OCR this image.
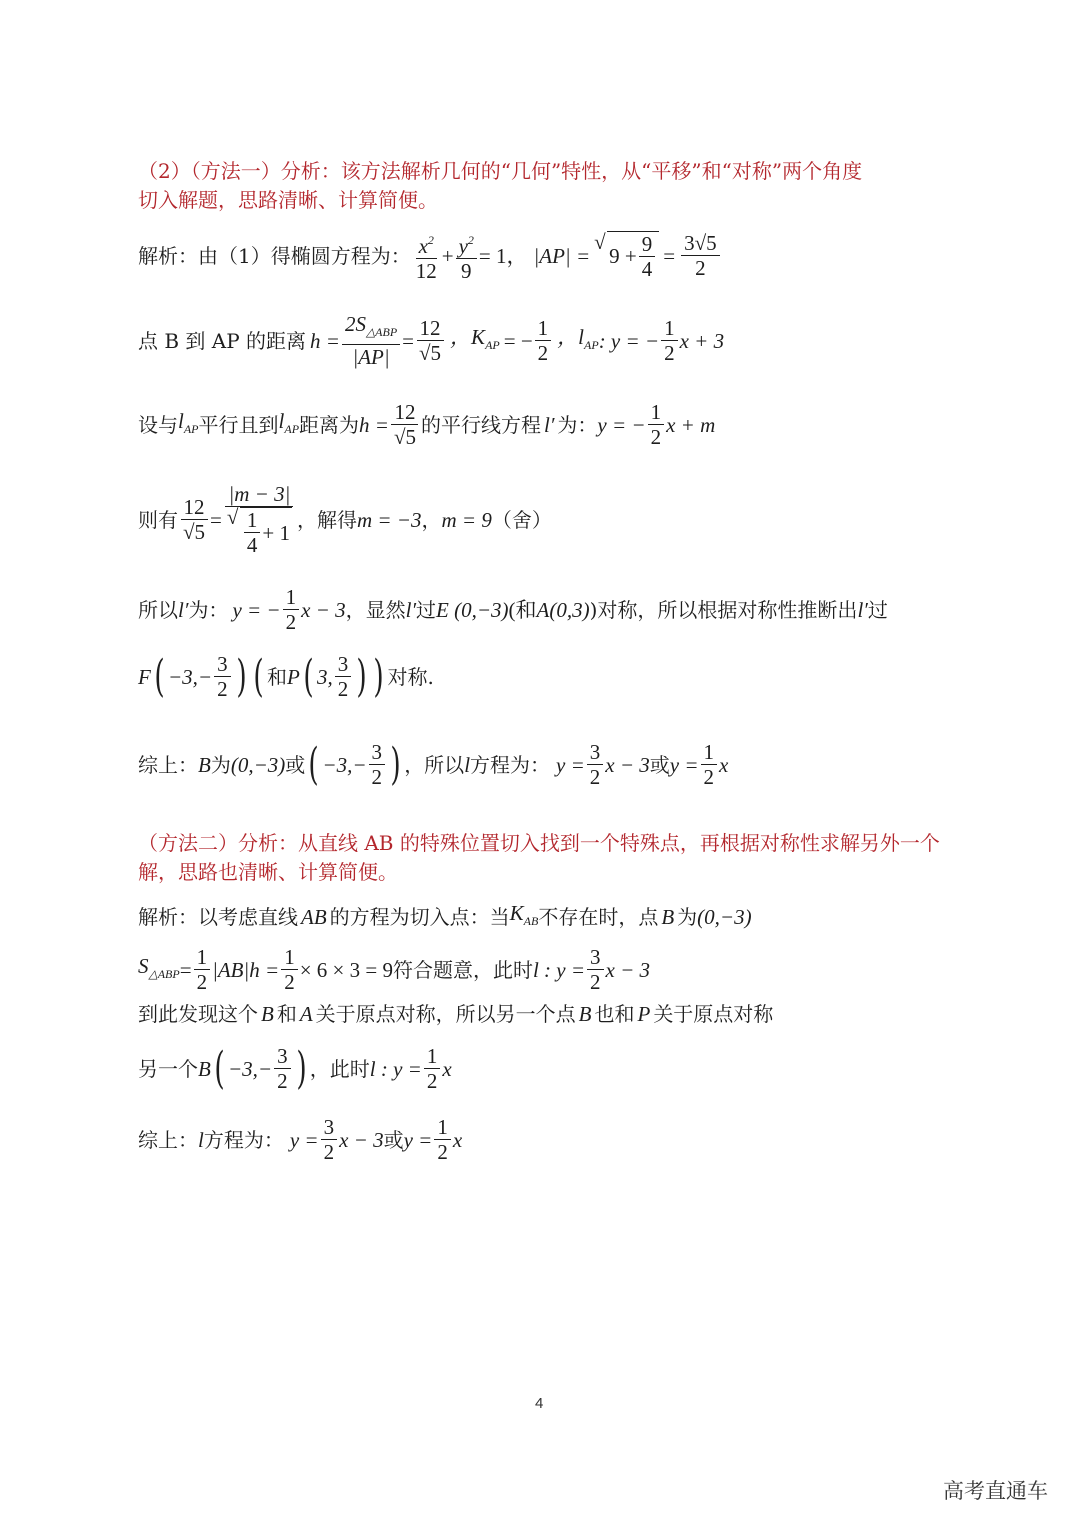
（2）（方法一）分析：该方法解析几何的“几何”特性，从“平移”和“对称”两个角度
切入解题，思路清晰、计算简便。
解析：由（1）得椭圆方程为： $\frac{x^2}{12} + \frac{y^2}{9} = 1$， |AP| =
√ $9 + \frac{9}{4} = \frac{3√5}{2}$
点 B 到 AP 的距离 $h = \frac{2S_{\triangle ABP}}{|AP|} = \frac{12}{√5}$ ，$K_{AP}$ = − $\frac{1}{2}$ ，$l_{AP}$ : y = − $\frac{1}{2}$ x + 3
设与 $l_{AP}$ 平行且到 $l_{AP}$ 距离为 $h = \frac{12}{√5}$ 的平行线方程 l′ 为： y = − $\frac{1}{2}$ x + m
则有 $\frac{12}{√5} = |m - 3|$
√ $\frac{1}{4} + 1$ ，解得 m = −3 ， m = 9 （舍）
所以 l′ 为： y = − $\frac{1}{2}$ x − 3 ，显然 l′ 过 E (0,−3) (和 A(0,3) )对称，所以根据对称性推断出 l′ 过
F ( $-3,- \frac{3}{2}$ ) ( 和 P ( 3, $\frac{3}{2}$ ) ) 对称.
综上： B 为 (0,−3) 或 ( $-3,- \frac{3}{2}$ ) ，所以 l 方程为： $y = \frac{3}{2}$ x − 3 或 $y = \frac{1}{2}$ x
（方法二）分析：从直线 AB 的特殊位置切入找到一个特殊点，再根据对称性求解另外一个
解，思路也清晰、计算简便。
解析：以考虑直线 AB 的方程为切入点：当 $K_{AB}$ 不存在时，点 B 为 (0,−3)
$S_{\triangle ABP} = \frac{1}{2} |AB|h = \frac{1}{2} \times 6 \times 3 = 9$ 符合题意，此时 l : $y = \frac{3}{2}$ x − 3
到此发现这个 B 和 A 关于原点对称，所以另一个点 B 也和 P 关于原点对称
另一个 B ( $-3,- \frac{3}{2}$ ) ，此时 l : $y = \frac{1}{2}$ x
综上： l 方程为： $y = \frac{3}{2}$ x − 3 或 $y = \frac{1}{2}$ x
4
高考直通车
